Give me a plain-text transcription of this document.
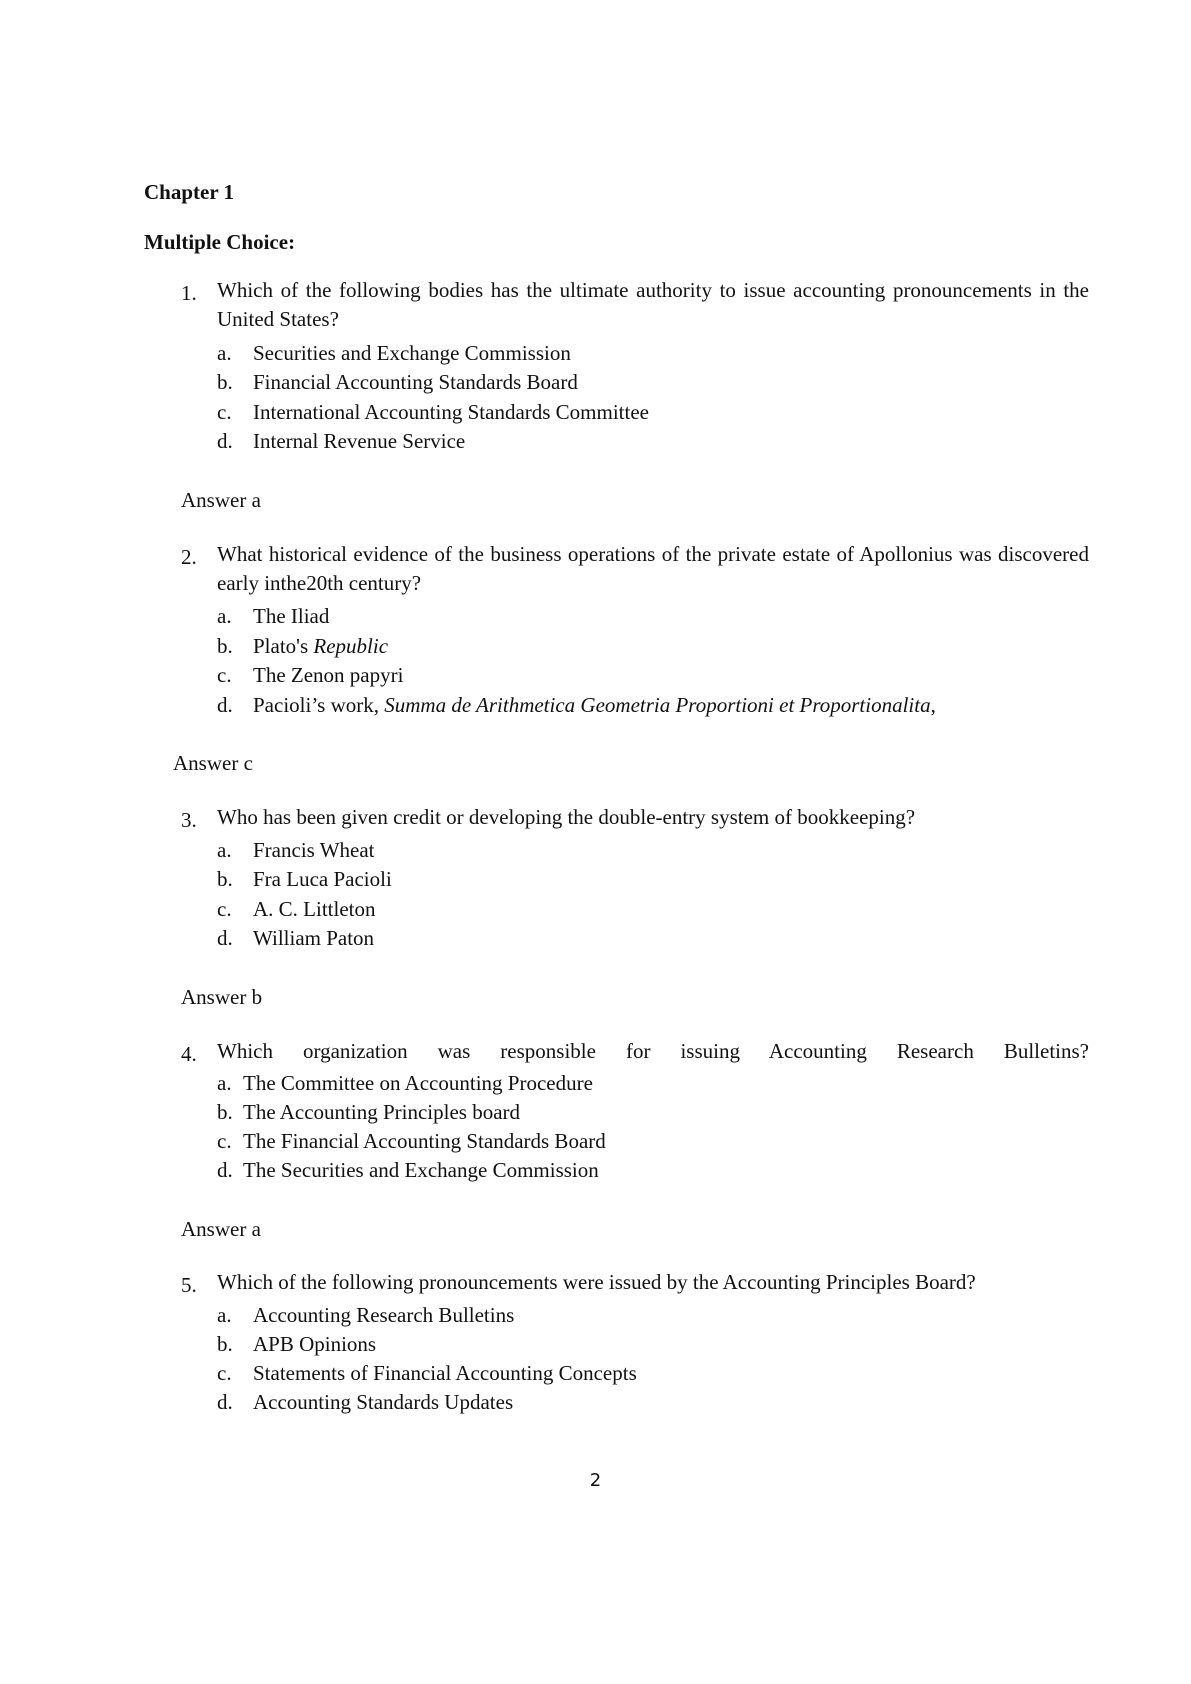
Chapter 1
Multiple Choice:
1. Which of the following bodies has the ultimate authority to issue accounting pronouncements in the United States?
a. Securities and Exchange Commission
b. Financial Accounting Standards Board
c. International Accounting Standards Committee
d. Internal Revenue Service
Answer a
2. What historical evidence of the business operations of the private estate of Apollonius was discovered early inthe20th century?
a. The Iliad
b. Plato's Republic
c. The Zenon papyri
d. Pacioli’s work, Summa de Arithmetica Geometria Proportioni et Proportionalita,
Answer c
3. Who has been given credit or developing the double-entry system of bookkeeping?
a. Francis Wheat
b. Fra Luca Pacioli
c. A. C. Littleton
d. William Paton
Answer b
4. Which organization was responsible for issuing Accounting Research Bulletins?
a. The Committee on Accounting Procedure
b. The Accounting Principles board
c. The Financial Accounting Standards Board
d. The Securities and Exchange Commission
Answer a
5. Which of the following pronouncements were issued by the Accounting Principles Board?
a. Accounting Research Bulletins
b. APB Opinions
c. Statements of Financial Accounting Concepts
d. Accounting Standards Updates
2
